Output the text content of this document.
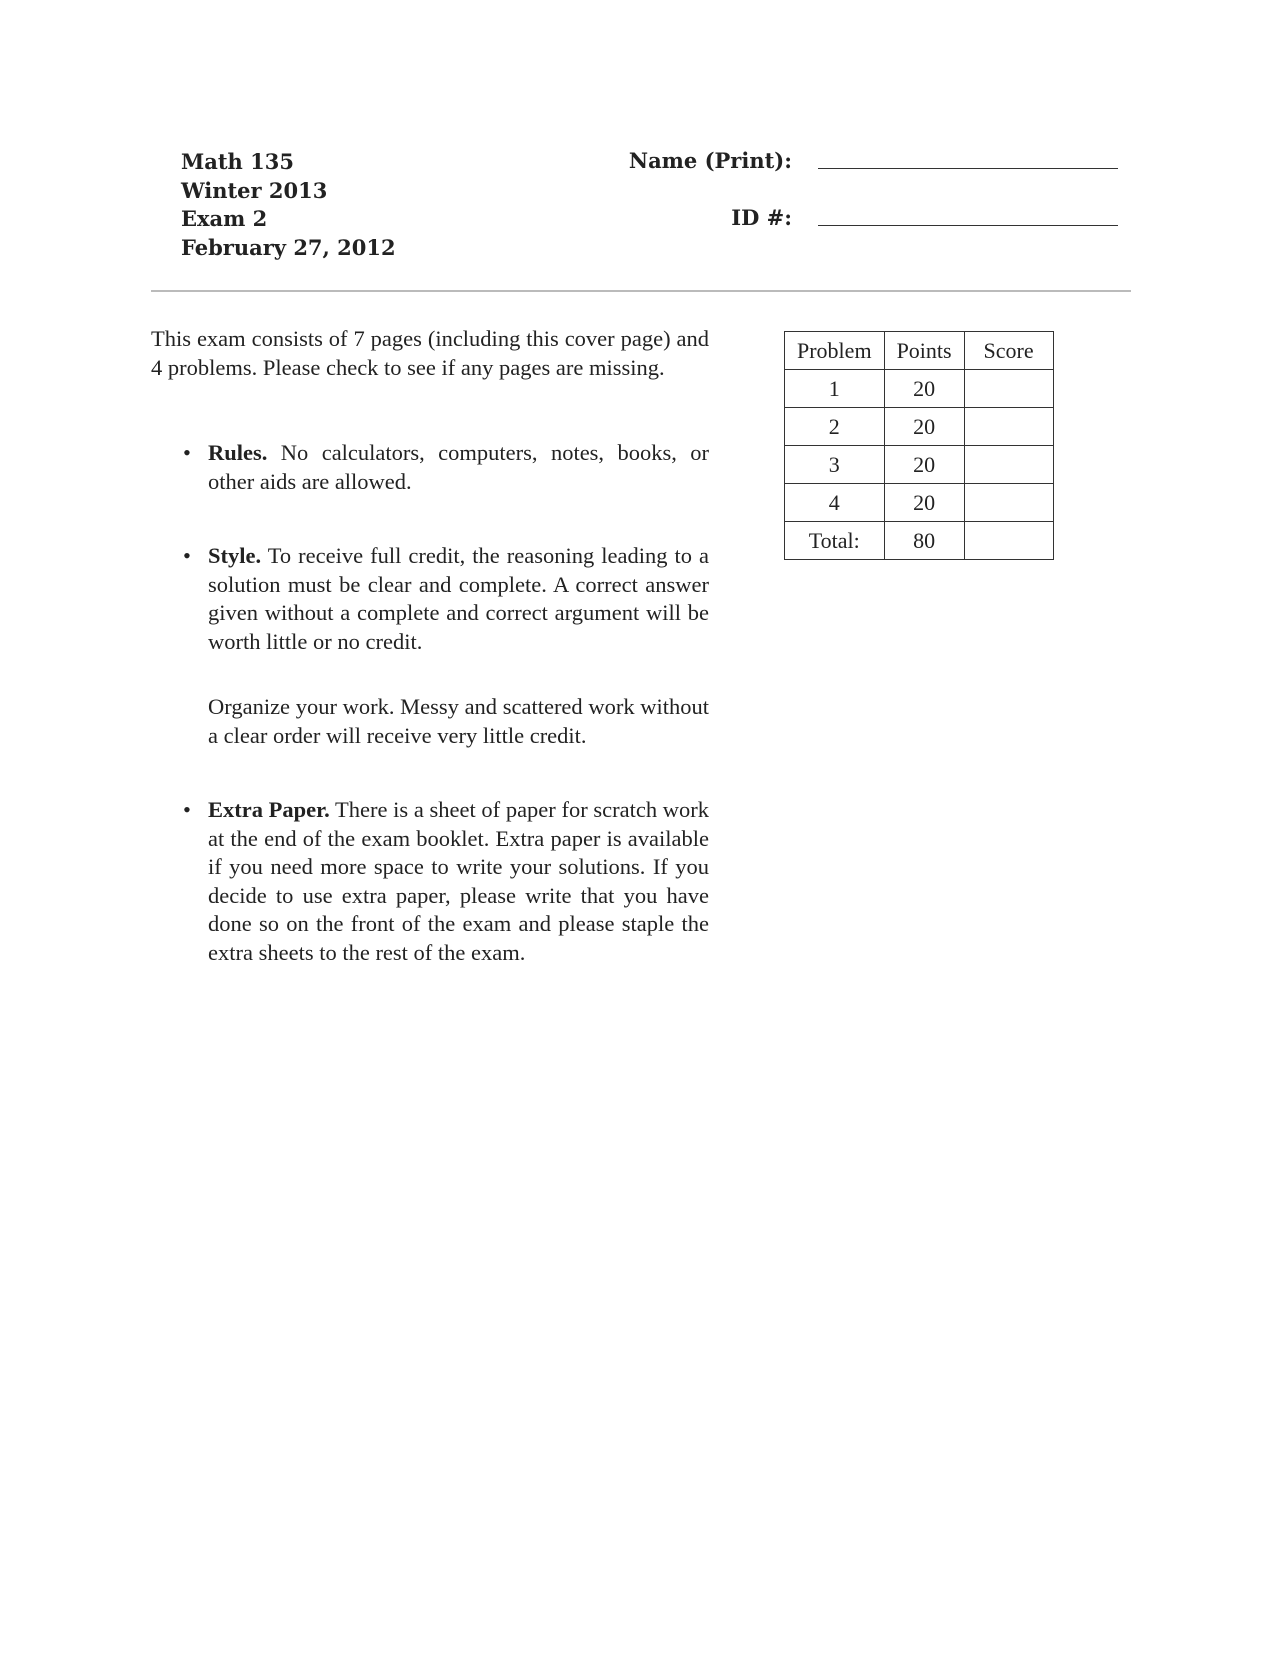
Math 135
Winter 2013
Exam 2
February 27, 2012
Name (Print):
ID #:

This exam consists of 7 pages (including this cover page) and 4 problems. Please check to see if any pages are missing.

• Rules. No calculators, computers, notes, books, or other aids are allowed.
• Style. To receive full credit, the reasoning leading to a solution must be clear and complete. A correct answer given without a complete and correct argument will be worth little or no credit.

Organize your work. Messy and scattered work without a clear order will receive very little credit.

• Extra Paper. There is a sheet of paper for scratch work at the end of the exam booklet. Extra paper is available if you need more space to write your solutions. If you decide to use extra paper, please write that you have done so on the front of the exam and please staple the extra sheets to the rest of the exam.
Problem	Points	Score
1	20	
2	20	
3	20	
4	20	
Total:	80	
